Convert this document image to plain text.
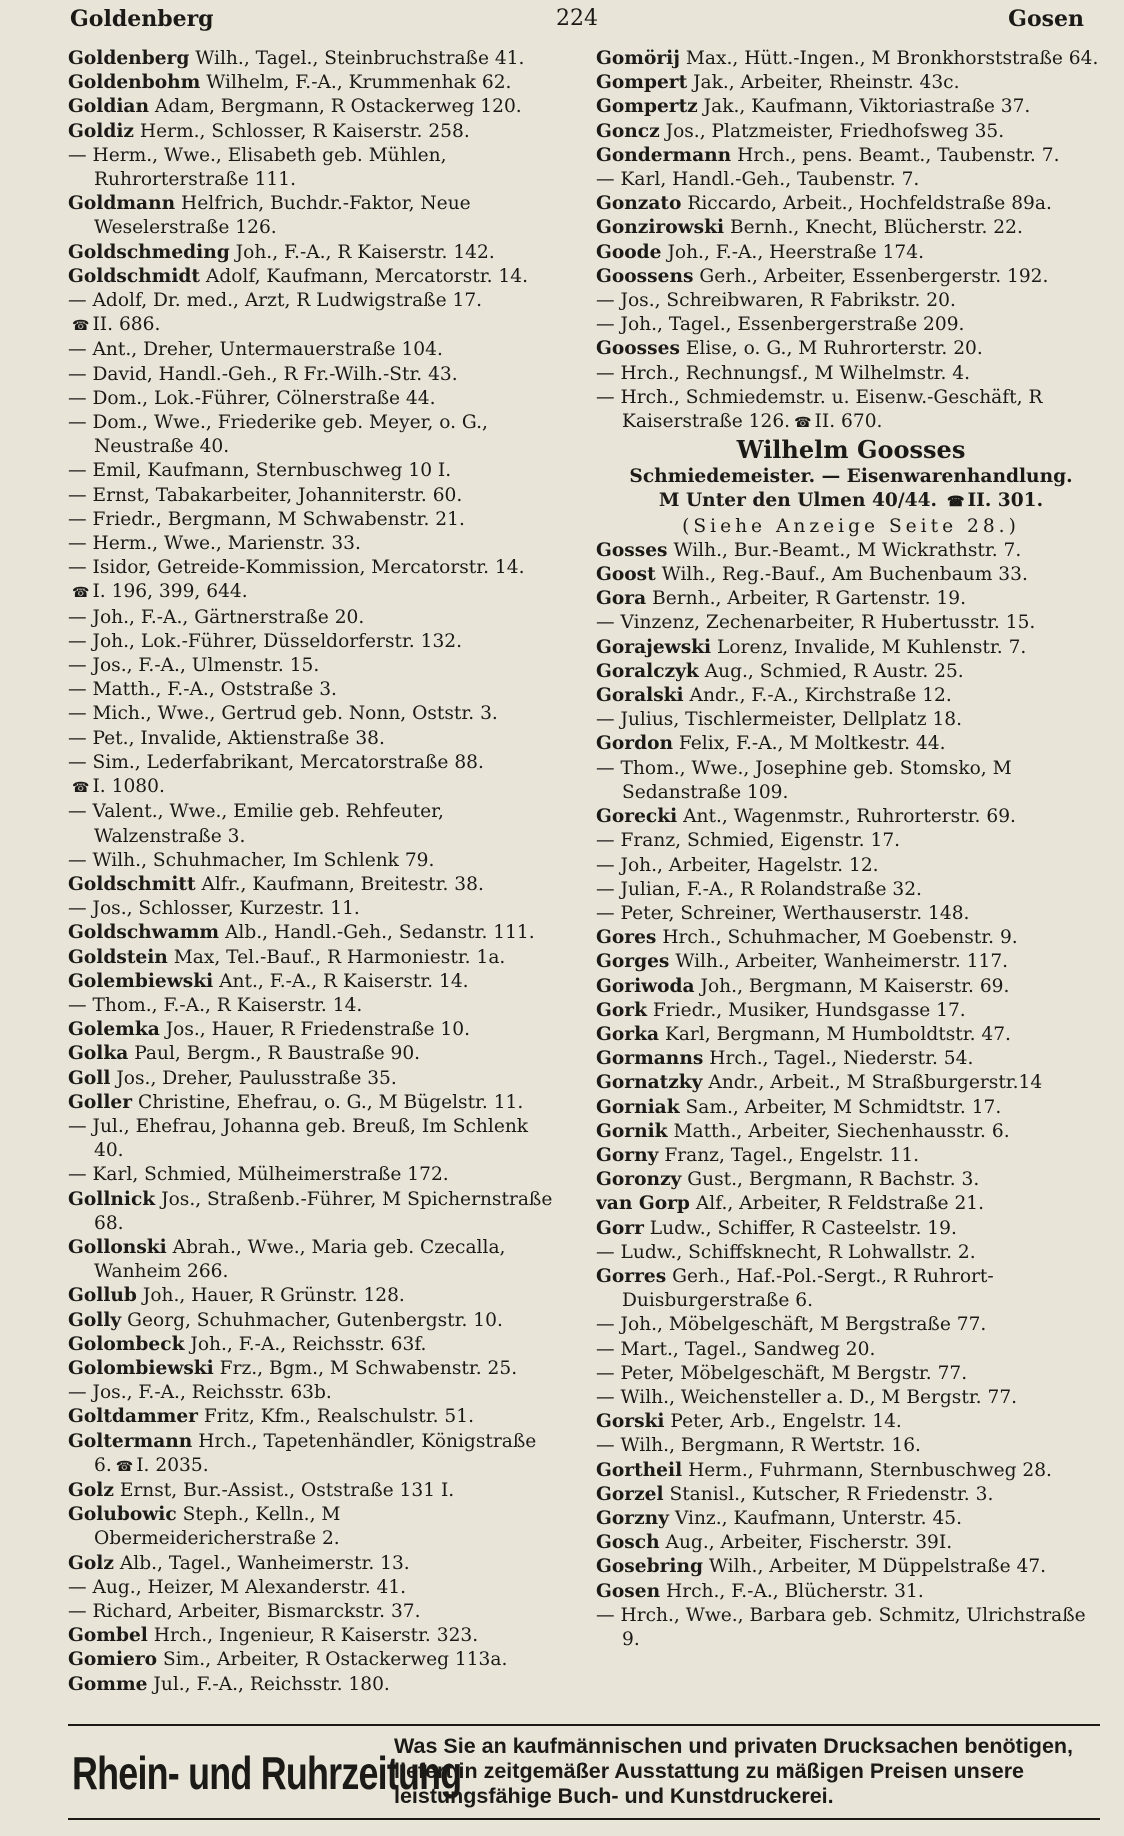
Goldenberg	224	Gosen
Goldenberg Wilh., Tagel., Steinbruchstraße 41.
Goldenbohm Wilhelm, F.-A., Krummenhak 62.
Goldian Adam, Bergmann, R Ostackerweg 120.
Goldiz Herm., Schlosser, R Kaiserstr. 258.
— Herm., Wwe., Elisabeth geb. Mühlen, Ruhrorterstraße 111.
Goldmann Helfrich, Buchdr.-Faktor, Neue Weselerstraße 126.
Goldschmeding Joh., F.-A., R Kaiserstr. 142.
Goldschmidt Adolf, Kaufmann, Mercatorstr. 14.
— Adolf, Dr. med., Arzt, R Ludwigstraße 17.
☎ II. 686.
— Ant., Dreher, Untermauerstraße 104.
— David, Handl.-Geh., R Fr.-Wilh.-Str. 43.
— Dom., Lok.-Führer, Cölnerstraße 44.
— Dom., Wwe., Friederike geb. Meyer, o. G., Neustraße 40.
— Emil, Kaufmann, Sternbuschweg 10 I.
— Ernst, Tabakarbeiter, Johanniterstr. 60.
— Friedr., Bergmann, M Schwabenstr. 21.
— Herm., Wwe., Marienstr. 33.
— Isidor, Getreide-Kommission, Mercatorstr. 14.
☎ I. 196, 399, 644.
— Joh., F.-A., Gärtnerstraße 20.
— Joh., Lok.-Führer, Düsseldorferstr. 132.
— Jos., F.-A., Ulmenstr. 15.
— Matth., F.-A., Oststraße 3.
— Mich., Wwe., Gertrud geb. Nonn, Oststr. 3.
— Pet., Invalide, Aktienstraße 38.
— Sim., Lederfabrikant, Mercatorstraße 88.
☎ I. 1080.
— Valent., Wwe., Emilie geb. Rehfeuter, Walzenstraße 3.
— Wilh., Schuhmacher, Im Schlenk 79.
Goldschmitt Alfr., Kaufmann, Breitestr. 38.
— Jos., Schlosser, Kurzestr. 11.
Goldschwamm Alb., Handl.-Geh., Sedanstr. 111.
Goldstein Max, Tel.-Bauf., R Harmoniestr. 1a.
Golembiewski Ant., F.-A., R Kaiserstr. 14.
— Thom., F.-A., R Kaiserstr. 14.
Golemka Jos., Hauer, R Friedenstraße 10.
Golka Paul, Bergm., R Baustraße 90.
Goll Jos., Dreher, Paulusstraße 35.
Goller Christine, Ehefrau, o. G., M Bügelstr. 11.
— Jul., Ehefrau, Johanna geb. Breuß, Im Schlenk 40.
— Karl, Schmied, Mülheimerstraße 172.
Gollnick Jos., Straßenb.-Führer, M Spichernstraße 68.
Gollonski Abrah., Wwe., Maria geb. Czecalla, Wanheim 266.
Gollub Joh., Hauer, R Grünstr. 128.
Golly Georg, Schuhmacher, Gutenbergstr. 10.
Golombeck Joh., F.-A., Reichsstr. 63f.
Golombiewski Frz., Bgm., M Schwabenstr. 25.
— Jos., F.-A., Reichsstr. 63b.
Goltdammer Fritz, Kfm., Realschulstr. 51.
Goltermann Hrch., Tapetenhändler, Königstraße 6. ☎ I. 2035.
Golz Ernst, Bur.-Assist., Oststraße 131 I.
Golubowic Steph., Kelln., M Obermeidericherstraße 2.
Golz Alb., Tagel., Wanheimerstr. 13.
— Aug., Heizer, M Alexanderstr. 41.
— Richard, Arbeiter, Bismarckstr. 37.
Gombel Hrch., Ingenieur, R Kaiserstr. 323.
Gomiero Sim., Arbeiter, R Ostackerweg 113a.
Gomme Jul., F.-A., Reichsstr. 180.
Gomörij Max., Hütt.-Ingen., M Bronkhorststraße 64.
Gompert Jak., Arbeiter, Rheinstr. 43c.
Gompertz Jak., Kaufmann, Viktoriastraße 37.
Goncz Jos., Platzmeister, Friedhofsweg 35.
Gondermann Hrch., pens. Beamt., Taubenstr. 7.
— Karl, Handl.-Geh., Taubenstr. 7.
Gonzato Riccardo, Arbeit., Hochfeldstraße 89a.
Gonzirowski Bernh., Knecht, Blücherstr. 22.
Goode Joh., F.-A., Heerstraße 174.
Goossens Gerh., Arbeiter, Essenbergerstr. 192.
— Jos., Schreibwaren, R Fabrikstr. 20.
— Joh., Tagel., Essenbergerstraße 209.
Goosses Elise, o. G., M Ruhrorterstr. 20.
— Hrch., Rechnungsf., M Wilhelmstr. 4.
— Hrch., Schmiedemstr. u. Eisenw.-Geschäft, R Kaiserstraße 126. ☎ II. 670.
Wilhelm Goosses
Schmiedemeister. — Eisenwarenhandlung.
M Unter den Ulmen 40/44. ☎ II. 301.
(Siehe Anzeige Seite 28.)
Gosses Wilh., Bur.-Beamt., M Wickrathstr. 7.
Goost Wilh., Reg.-Bauf., Am Buchenbaum 33.
Gora Bernh., Arbeiter, R Gartenstr. 19.
— Vinzenz, Zechenarbeiter, R Hubertusstr. 15.
Gorajewski Lorenz, Invalide, M Kuhlenstr. 7.
Goralczyk Aug., Schmied, R Austr. 25.
Goralski Andr., F.-A., Kirchstraße 12.
— Julius, Tischlermeister, Dellplatz 18.
Gordon Felix, F.-A., M Moltkestr. 44.
— Thom., Wwe., Josephine geb. Stomsko, M Sedanstraße 109.
Gorecki Ant., Wagenmstr., Ruhrorterstr. 69.
— Franz, Schmied, Eigenstr. 17.
— Joh., Arbeiter, Hagelstr. 12.
— Julian, F.-A., R Rolandstraße 32.
— Peter, Schreiner, Werthauserstr. 148.
Gores Hrch., Schuhmacher, M Goebenstr. 9.
Gorges Wilh., Arbeiter, Wanheimerstr. 117.
Goriwoda Joh., Bergmann, M Kaiserstr. 69.
Gork Friedr., Musiker, Hundsgasse 17.
Gorka Karl, Bergmann, M Humboldtstr. 47.
Gormanns Hrch., Tagel., Niederstr. 54.
Gornatzky Andr., Arbeit., M Straßburgerstr.14
Gorniak Sam., Arbeiter, M Schmidtstr. 17.
Gornik Matth., Arbeiter, Siechenhausstr. 6.
Gorny Franz, Tagel., Engelstr. 11.
Goronzy Gust., Bergmann, R Bachstr. 3.
van Gorp Alf., Arbeiter, R Feldstraße 21.
Gorr Ludw., Schiffer, R Casteelstr. 19.
— Ludw., Schiffsknecht, R Lohwallstr. 2.
Gorres Gerh., Haf.-Pol.-Sergt., R Ruhrort-Duisburgerstraße 6.
— Joh., Möbelgeschäft, M Bergstraße 77.
— Mart., Tagel., Sandweg 20.
— Peter, Möbelgeschäft, M Bergstr. 77.
— Wilh., Weichensteller a. D., M Bergstr. 77.
Gorski Peter, Arb., Engelstr. 14.
— Wilh., Bergmann, R Wertstr. 16.
Gortheil Herm., Fuhrmann, Sternbuschweg 28.
Gorzel Stanisl., Kutscher, R Friedenstr. 3.
Gorzny Vinz., Kaufmann, Unterstr. 45.
Gosch Aug., Arbeiter, Fischerstr. 39I.
Gosebring Wilh., Arbeiter, M Düppelstraße 47.
Gosen Hrch., F.-A., Blücherstr. 31.
— Hrch., Wwe., Barbara geb. Schmitz, Ulrichstraße 9.
Rhein- und Ruhrzeitung
Was Sie an kaufmännischen und privaten Drucksachen benötigen, liefert in zeitgemäßer Ausstattung zu mäßigen Preisen unsere leistungsfähige Buch- und Kunstdruckerei.
